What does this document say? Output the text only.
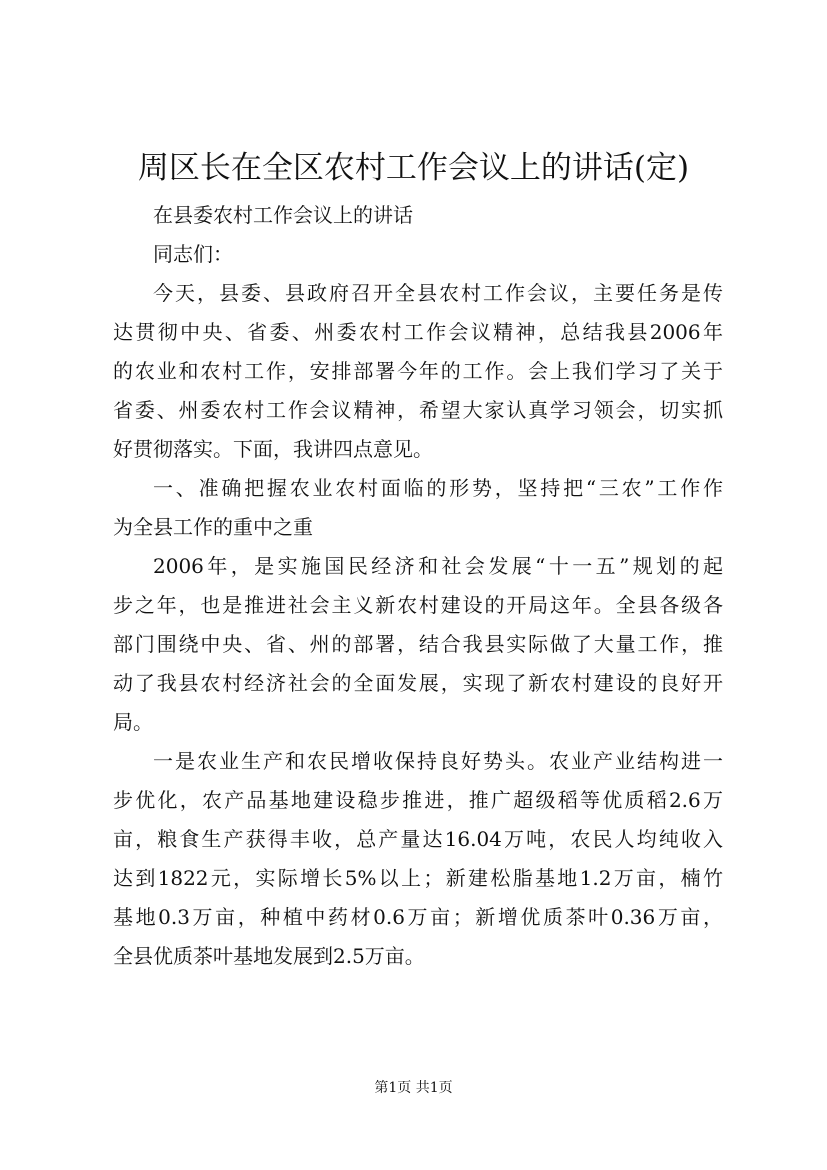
周区长在全区农村工作会议上的讲话(定)
在县委农村工作会议上的讲话
同志们：
今天，县委、县政府召开全县农村工作会议，主要任务是传
达贯彻中央、省委、州委农村工作会议精神，总结我县2006年
的农业和农村工作，安排部署今年的工作。会上我们学习了关于
省委、州委农村工作会议精神，希望大家认真学习领会，切实抓
好贯彻落实。下面，我讲四点意见。
一、准确把握农业农村面临的形势，坚持把“三农”工作作
为全县工作的重中之重
2006年，是实施国民经济和社会发展“十一五”规划的起
步之年，也是推进社会主义新农村建设的开局这年。全县各级各
部门围绕中央、省、州的部署，结合我县实际做了大量工作，推
动了我县农村经济社会的全面发展，实现了新农村建设的良好开
局。
一是农业生产和农民增收保持良好势头。农业产业结构进一
步优化，农产品基地建设稳步推进，推广超级稻等优质稻2.6万
亩，粮食生产获得丰收，总产量达16.04万吨，农民人均纯收入
达到1822元，实际增长5%以上；新建松脂基地1.2万亩，楠竹
基地0.3万亩，种植中药材0.6万亩；新增优质茶叶0.36万亩，
全县优质茶叶基地发展到2.5万亩。
第1页 共1页
